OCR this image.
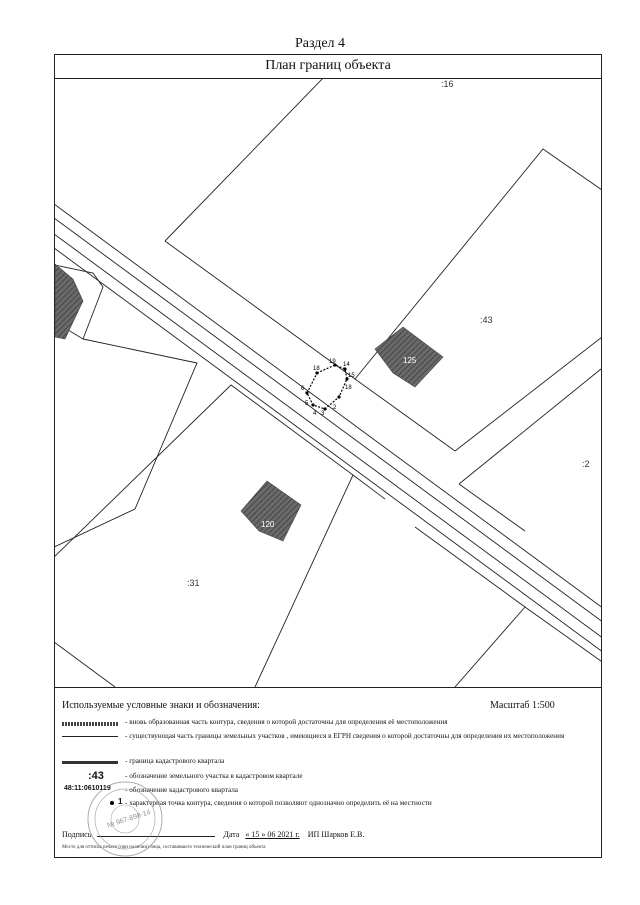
Раздел 4
План границ объекта
18
19 14
15
18
6
5
4 3
2
:43
:2
:31
:16
125
120
Используемые условные знаки и обозначения:	Масштаб 1:500
- вновь образованная часть контура, сведения о которой достаточны для определения её местоположения
- существующая часть границы земельных участков , имеющиеся в ЕГРН сведения о которой достаточны для определения их местоположения
- граница кадастрового квартала
:43	- обозначение земельного участка в кадастровом квартале
48:11:0610119	- обозначение кадастрового квартала
1 - характерная точка контура, сведения о которой позволяют однозначно определить её на местности
Подпись	Дата « 15 » 06 2021 г. ИП Шарков Е.В.
Место для оттиска печати (при наличии) лица, составившего технический план границ объекта
№ 967-898-14
